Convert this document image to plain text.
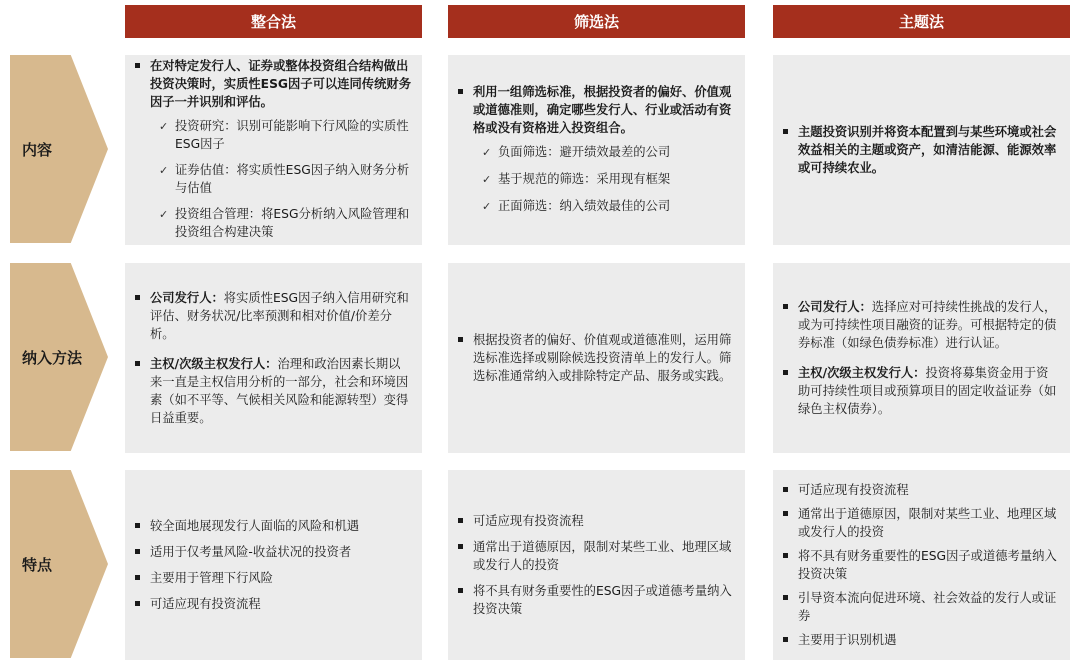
整合法	筛选法	主题法
内容
纳入方法
特点
在对特定发行人、证券或整体投资组合结构做出投资决策时，实质性ESG因子可以连同传统财务因子一并识别和评估。
✓ 投资研究：识别可能影响下行风险的实质性ESG因子
✓ 证券估值：将实质性ESG因子纳入财务分析与估值
✓ 投资组合管理：将ESG分析纳入风险管理和投资组合构建决策
利用一组筛选标准，根据投资者的偏好、价值观或道德准则，确定哪些发行人、行业或活动有资格或没有资格进入投资组合。
✓ 负面筛选：避开绩效最差的公司
✓ 基于规范的筛选：采用现有框架
✓ 正面筛选：纳入绩效最佳的公司
主题投资识别并将资本配置到与某些环境或社会效益相关的主题或资产，如清洁能源、能源效率或可持续农业。
公司发行人：将实质性ESG因子纳入信用研究和评估、财务状况/比率预测和相对价值/价差分析。
主权/次级主权发行人：治理和政治因素长期以来一直是主权信用分析的一部分，社会和环境因素（如不平等、气候相关风险和能源转型）变得日益重要。
根据投资者的偏好、价值观或道德准则，运用筛选标准选择或剔除候选投资清单上的发行人。筛选标准通常纳入或排除特定产品、服务或实践。
公司发行人：选择应对可持续性挑战的发行人，或为可持续性项目融资的证券。可根据特定的债券标准（如绿色债券标准）进行认证。
主权/次级主权发行人：投资将募集资金用于资助可持续性项目或预算项目的固定收益证券（如绿色主权债券）。
较全面地展现发行人面临的风险和机遇
适用于仅考量风险-收益状况的投资者
主要用于管理下行风险
可适应现有投资流程
可适应现有投资流程
通常出于道德原因，限制对某些工业、地理区域或发行人的投资
将不具有财务重要性的ESG因子或道德考量纳入投资决策
可适应现有投资流程
通常出于道德原因，限制对某些工业、地理区域或发行人的投资
将不具有财务重要性的ESG因子或道德考量纳入投资决策
引导资本流向促进环境、社会效益的发行人或证券
主要用于识别机遇
